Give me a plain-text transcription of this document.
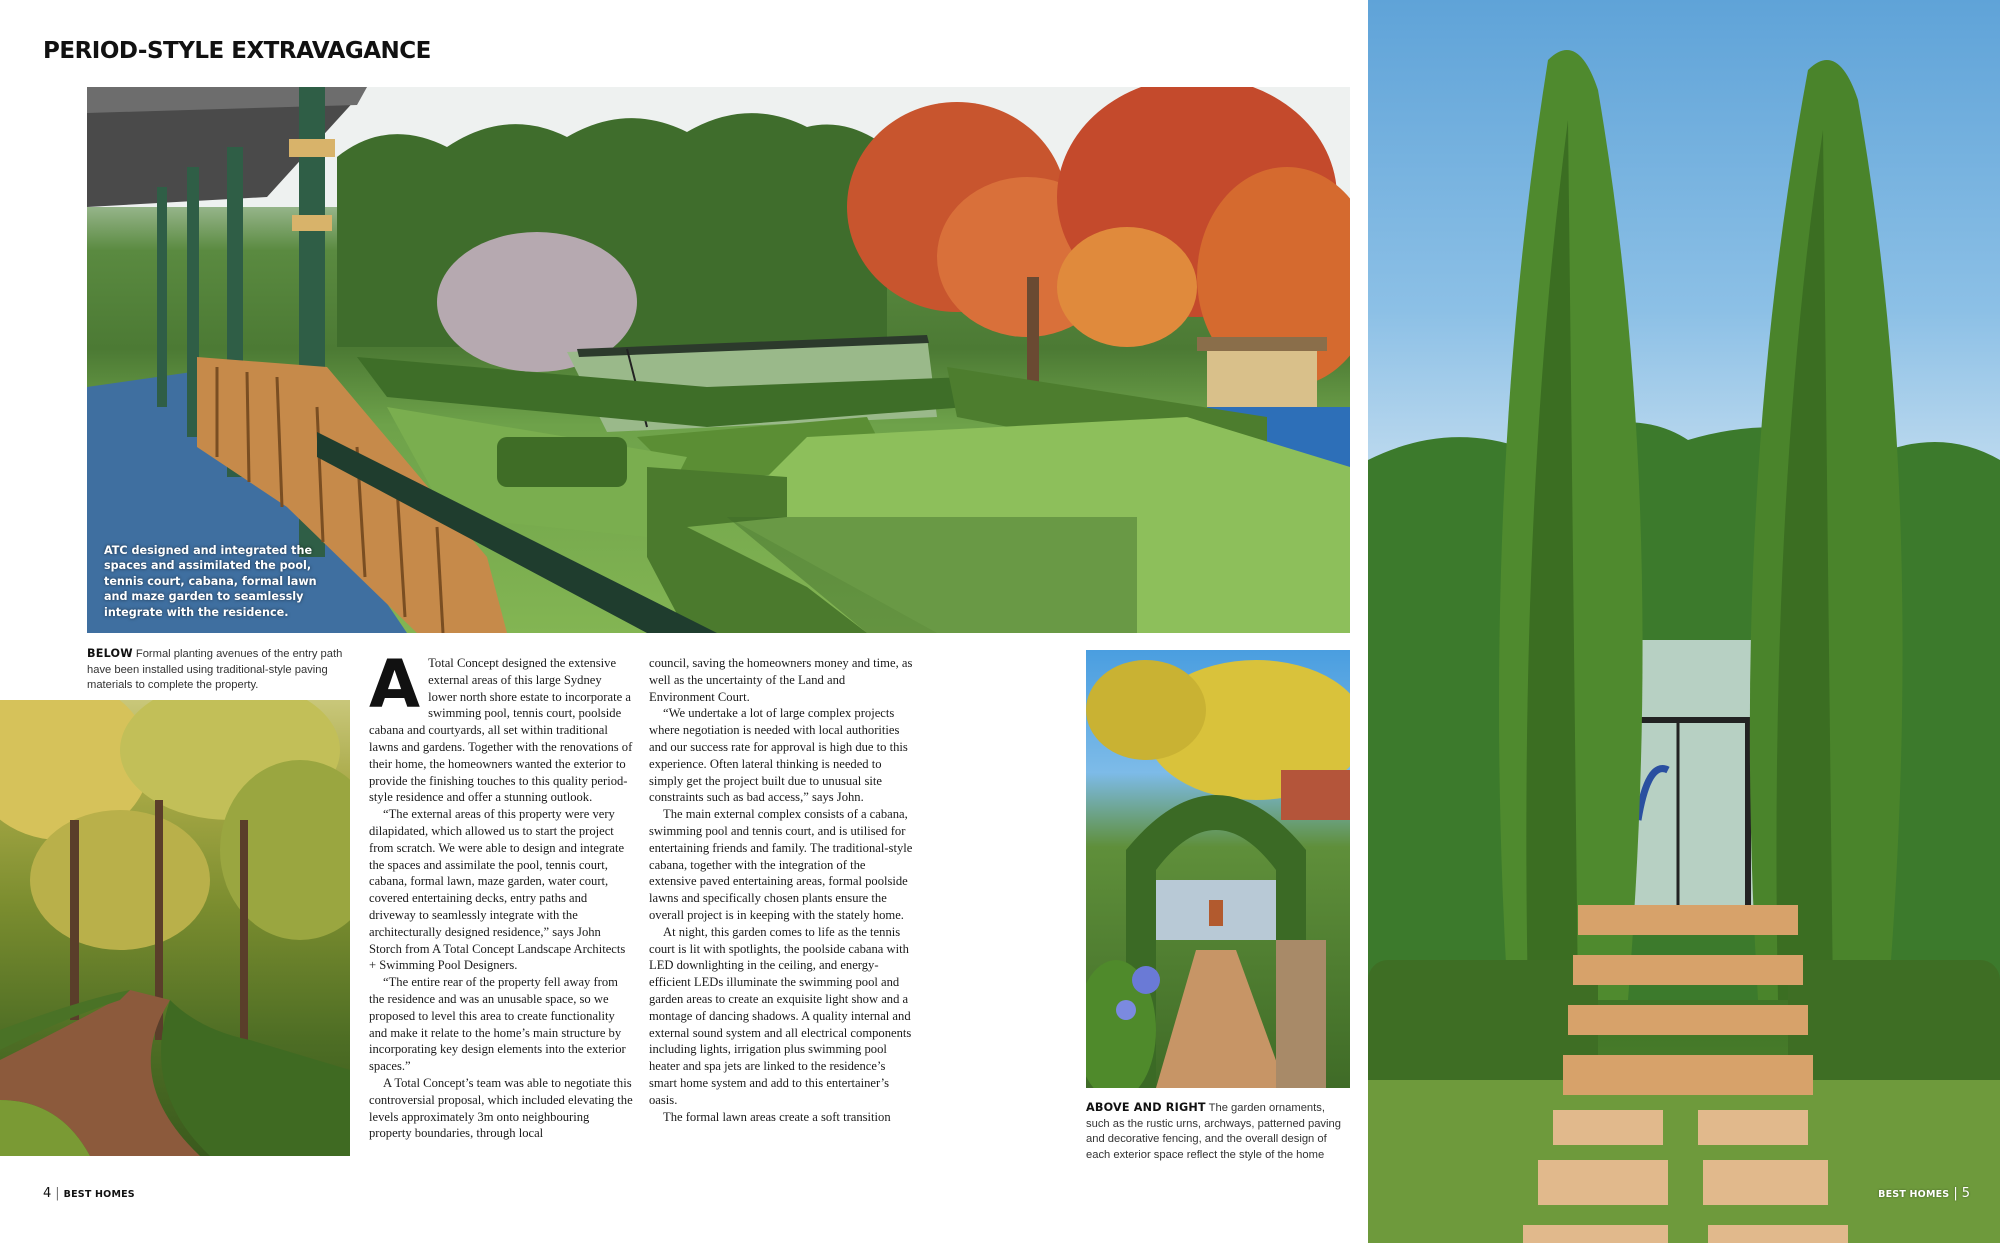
PERIOD-STYLE EXTRAVAGANCE

ATC designed and integrated the spaces and assimilated the pool, tennis court, cabana, formal lawn and maze garden to seamlessly integrate with the residence.

BELOW Formal planting avenues of the entry path have been installed using traditional-style paving materials to complete the property.

ABOVE AND RIGHT The garden ornaments, such as the rustic urns, archways, patterned paving and decorative fencing, and the overall design of each exterior space reflect the style of the home

A Total Concept designed the extensive external areas of this large Sydney lower north shore estate to incorporate a swimming pool, tennis court, poolside cabana and courtyards, all set within traditional lawns and gardens. Together with the renovations of their home, the homeowners wanted the exterior to provide the finishing touches to this quality period-style residence and offer a stunning outlook.

“The external areas of this property were very dilapidated, which allowed us to start the project from scratch. We were able to design and integrate the spaces and assimilate the pool, tennis court, cabana, formal lawn, maze garden, water court, covered entertaining decks, entry paths and driveway to seamlessly integrate with the architecturally designed residence,” says John Storch from A Total Concept Landscape Architects + Swimming Pool Designers.

“The entire rear of the property fell away from the residence and was an unusable space, so we proposed to level this area to create functionality and make it relate to the home’s main structure by incorporating key design elements into the exterior spaces.”

A Total Concept’s team was able to negotiate this controversial proposal, which included elevating the levels approximately 3m onto neighbouring property boundaries, through local

council, saving the homeowners money and time, as well as the uncertainty of the Land and Environment Court.

“We undertake a lot of large complex projects where negotiation is needed with local authorities and our success rate for approval is high due to this experience. Often lateral thinking is needed to simply get the project built due to unusual site constraints such as bad access,” says John.

The main external complex consists of a cabana, swimming pool and tennis court, and is utilised for entertaining friends and family. The traditional-style cabana, together with the integration of the extensive paved entertaining areas, formal poolside lawns and specifically chosen plants ensure the overall project is in keeping with the stately home.

At night, this garden comes to life as the tennis court is lit with spotlights, the poolside cabana with LED downlighting in the ceiling, and energy-efficient LEDs illuminate the swimming pool and garden areas to create an exquisite light show and a montage of dancing shadows. A quality internal and external sound system and all electrical components including lights, irrigation plus swimming pool heater and spa jets are linked to the residence’s smart home system and add to this entertainer’s oasis.

The formal lawn areas create a soft transition

4 | BEST HOMES	BEST HOMES | 5
